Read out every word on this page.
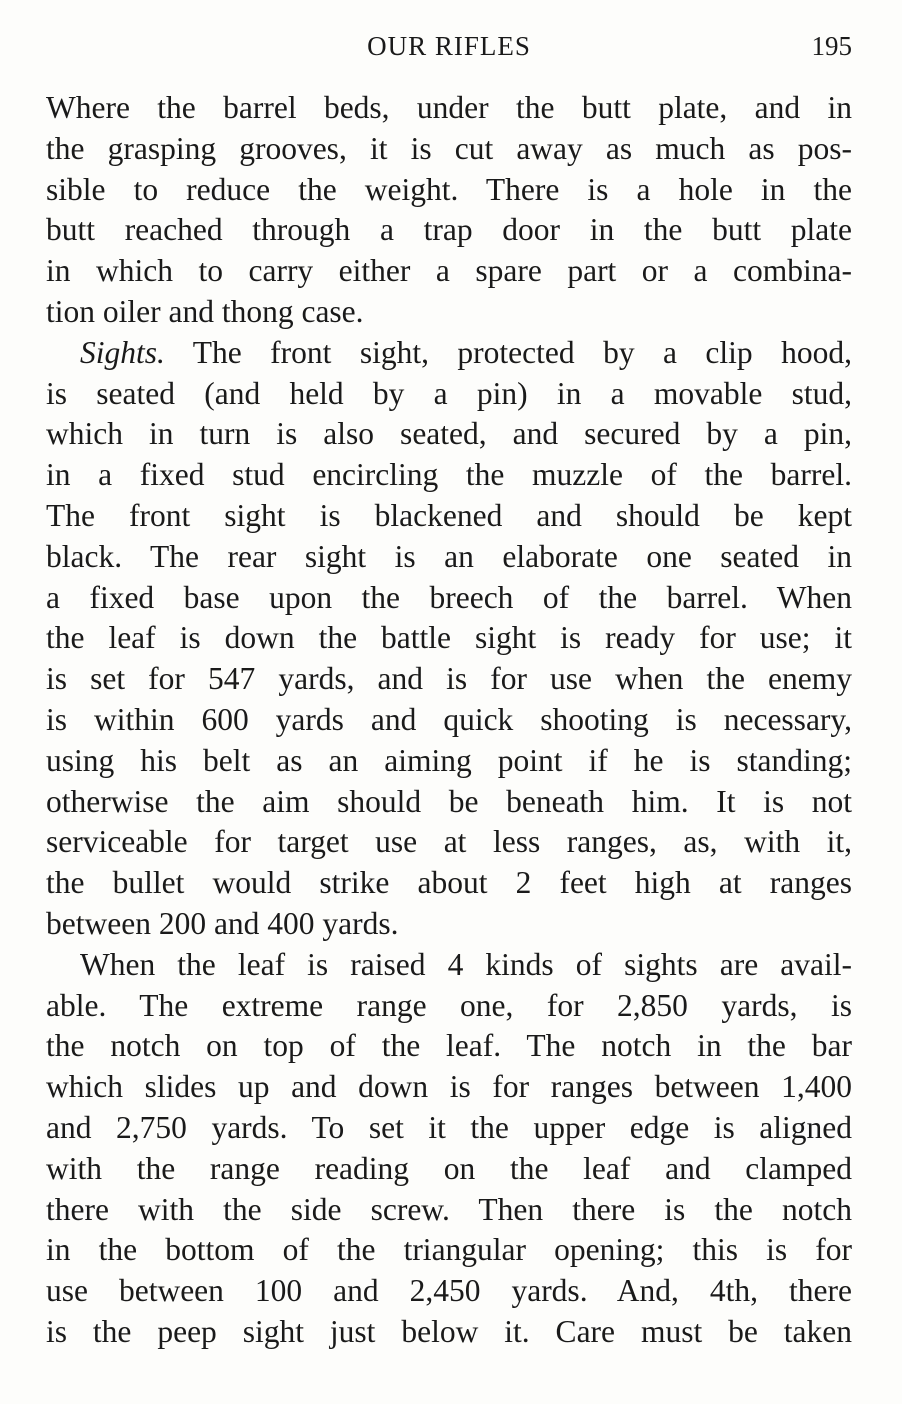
OUR RIFLES	195
Where the barrel beds, under the butt plate, and in
the grasping grooves, it is cut away as much as pos-
sible to reduce the weight. There is a hole in the
butt reached through a trap door in the butt plate
in which to carry either a spare part or a combina-
tion oiler and thong case.
Sights. The front sight, protected by a clip hood,
is seated (and held by a pin) in a movable stud,
which in turn is also seated, and secured by a pin,
in a fixed stud encircling the muzzle of the barrel.
The front sight is blackened and should be kept
black. The rear sight is an elaborate one seated in
a fixed base upon the breech of the barrel. When
the leaf is down the battle sight is ready for use; it
is set for 547 yards, and is for use when the enemy
is within 600 yards and quick shooting is necessary,
using his belt as an aiming point if he is standing;
otherwise the aim should be beneath him. It is not
serviceable for target use at less ranges, as, with it,
the bullet would strike about 2 feet high at ranges
between 200 and 400 yards.
When the leaf is raised 4 kinds of sights are avail-
able. The extreme range one, for 2,850 yards, is
the notch on top of the leaf. The notch in the bar
which slides up and down is for ranges between 1,400
and 2,750 yards. To set it the upper edge is aligned
with the range reading on the leaf and clamped
there with the side screw. Then there is the notch
in the bottom of the triangular opening; this is for
use between 100 and 2,450 yards. And, 4th, there
is the peep sight just below it. Care must be taken
